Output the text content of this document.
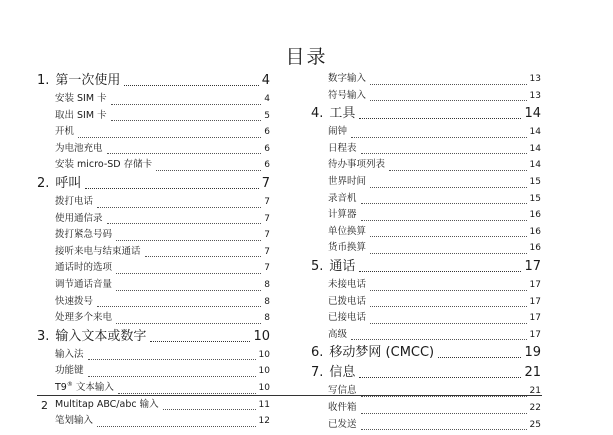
目录
1. 第一次使用	4
安装 SIM 卡	4
取出 SIM 卡	5
开机	6
为电池充电	6
安装 micro-SD 存储卡	6
2. 呼叫	7
拨打电话	7
使用通信录	7
拨打紧急号码	7
接听来电与结束通话	7
通话时的选项	7
调节通话音量	8
快速拨号	8
处理多个来电	8
3. 输入文本或数字	10
输入法	10
功能键	10
T9® 文本输入	10
Multitap ABC/abc 输入	11
笔划输入	12
数字输入	13
符号输入	13
4. 工具	14
闹钟	14
日程表	14
待办事项列表	14
世界时间	15
录音机	15
计算器	16
单位换算	16
货币换算	16
5. 通话	17
未接电话	17
已拨电话	17
已接电话	17
高级	17
6. 移动梦网 (CMCC)	19
7. 信息	21
写信息	21
收件箱	22
已发送	25
2
